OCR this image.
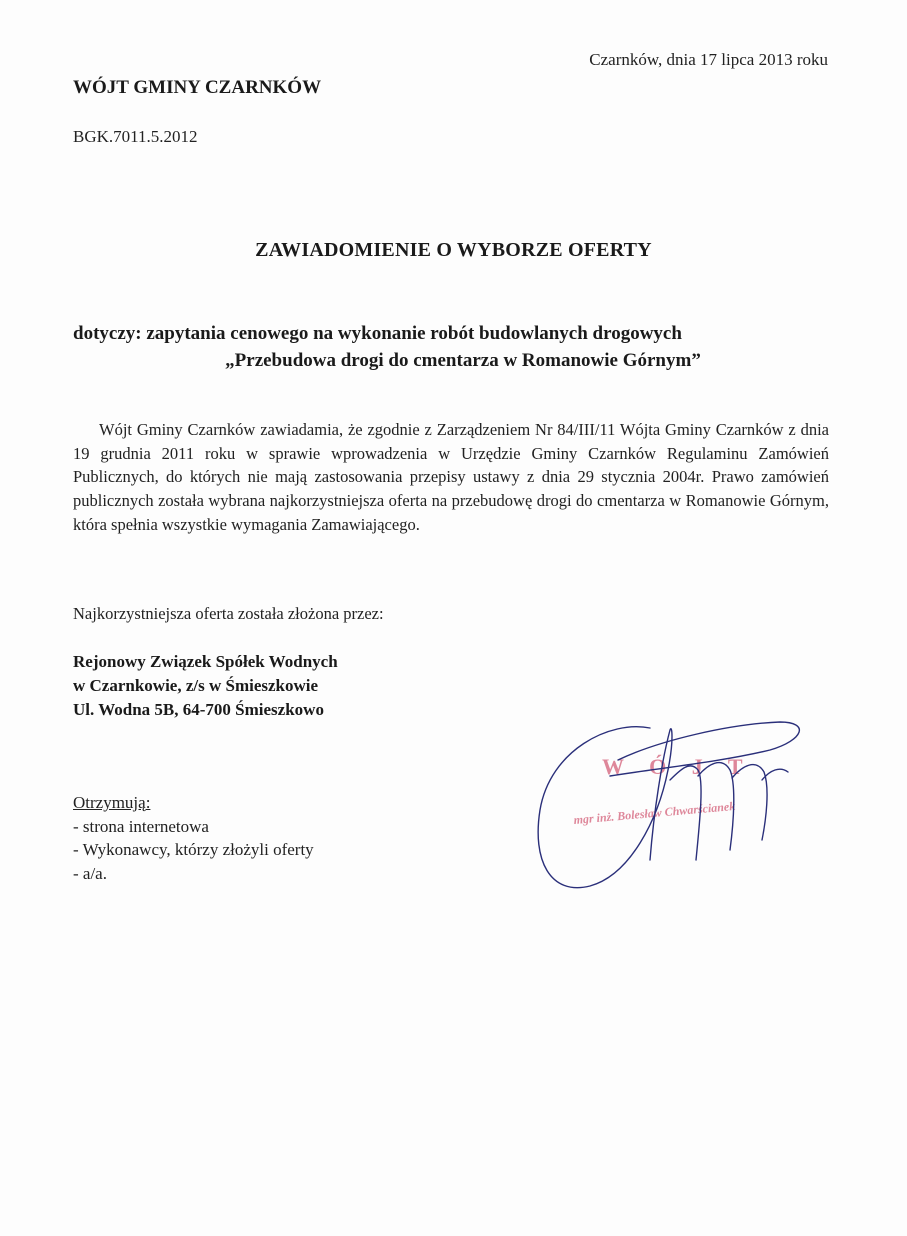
Czarnków, dnia 17 lipca 2013 roku
WÓJT GMINY CZARNKÓW
BGK.7011.5.2012
ZAWIADOMIENIE O WYBORZE OFERTY
dotyczy: zapytania cenowego na wykonanie robót budowlanych drogowych
„Przebudowa drogi do cmentarza w Romanowie Górnym”
Wójt Gminy Czarnków zawiadamia, że zgodnie z Zarządzeniem Nr 84/III/11 Wójta Gminy Czarnków z dnia 19 grudnia 2011 roku w sprawie wprowadzenia w Urzędzie Gminy Czarnków Regulaminu Zamówień Publicznych, do których nie mają zastosowania przepisy ustawy z dnia 29 stycznia 2004r. Prawo zamówień publicznych została wybrana najkorzystniejsza oferta na przebudowę drogi do cmentarza w Romanowie Górnym, która spełnia wszystkie wymagania Zamawiającego.
Najkorzystniejsza oferta została złożona przez:
Rejonowy Związek Spółek Wodnych
w Czarnkowie, z/s w Śmieszkowie
Ul. Wodna 5B, 64-700 Śmieszkowo
Otrzymują:
- strona internetowa
- Wykonawcy, którzy złożyli oferty
- a/a.
W Ó J T
mgr inż. Bolesław Chwarścianek
